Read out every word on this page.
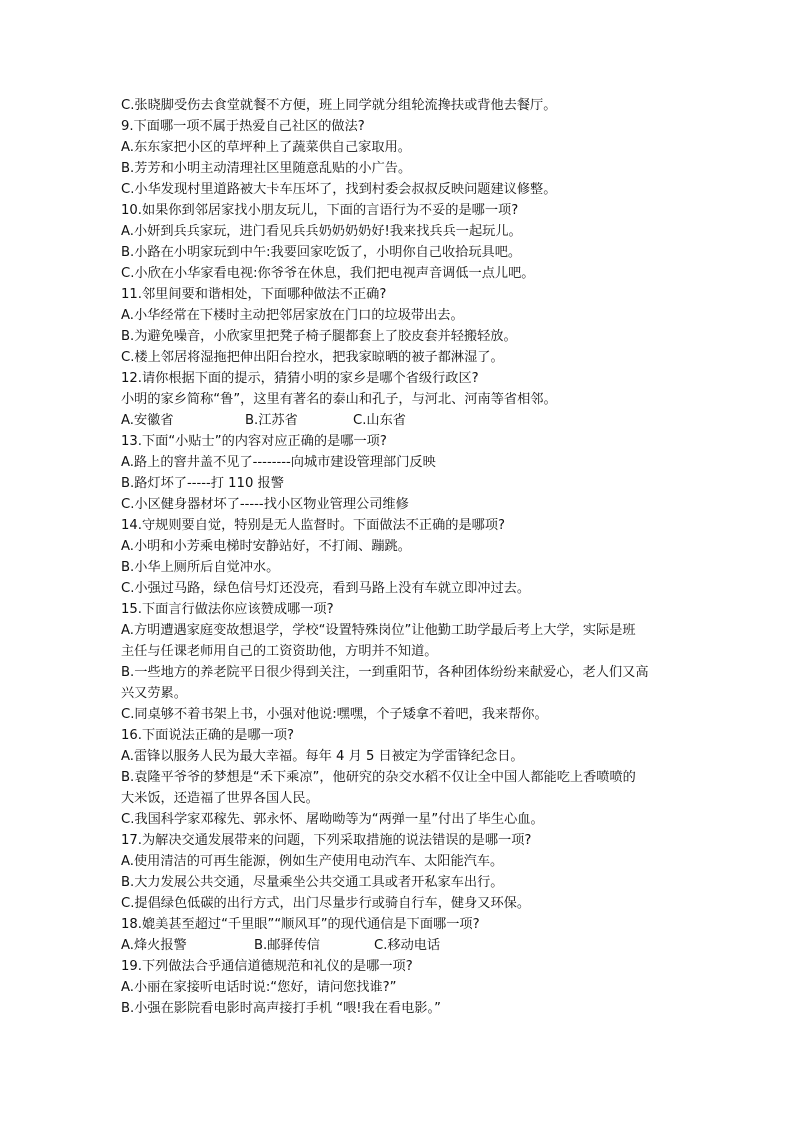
C.张晓脚受伤去食堂就餐不方便，班上同学就分组轮流搀扶或背他去餐厅。
9.下面哪一项不属于热爱自己社区的做法?
A.东东家把小区的草坪种上了蔬菜供自己家取用。
B.芳芳和小明主动清理社区里随意乱贴的小广告。
C.小华发现村里道路被大卡车压坏了，找到村委会叔叔反映问题建议修整。
10.如果你到邻居家找小朋友玩儿，下面的言语行为不妥的是哪一项?
A.小妍到兵兵家玩，进门看见兵兵奶奶奶奶好!我来找兵兵一起玩儿。
B.小路在小明家玩到中午:我要回家吃饭了，小明你自己收拾玩具吧。
C.小欣在小华家看电视:你爷爷在休息，我们把电视声音调低一点儿吧。
11.邻里间要和谐相处，下面哪种做法不正确?
A.小华经常在下楼时主动把邻居家放在门口的垃圾带出去。
B.为避免噪音，小欣家里把凳子椅子腿都套上了胶皮套并轻搬轻放。
C.楼上邻居将湿拖把伸出阳台控水，把我家晾晒的被子都淋湿了。
12.请你根据下面的提示，猜猜小明的家乡是哪个省级行政区?
小明的家乡简称“鲁”，这里有著名的泰山和孔子，与河北、河南等省相邻。
A.安徽省	B.江苏省	C.山东省
13.下面“小贴士”的内容对应正确的是哪一项?
A.路上的窨井盖不见了--------向城市建设管理部门反映
B.路灯坏了-----打 110 报警
C.小区健身器材坏了-----找小区物业管理公司维修
14.守规则要自觉，特别是无人监督时。下面做法不正确的是哪项?
A.小明和小芳乘电梯时安静站好，不打闹、蹦跳。
B.小华上厕所后自觉冲水。
C.小强过马路，绿色信号灯还没亮，看到马路上没有车就立即冲过去。
15.下面言行做法你应该赞成哪一项?
A.方明遭遇家庭变故想退学，学校“设置特殊岗位”让他勤工助学最后考上大学，实际是班
主任与任课老师用自己的工资资助他，方明并不知道。
B.一些地方的养老院平日很少得到关注，一到重阳节，各种团体纷纷来献爱心，老人们又高
兴又劳累。
C.同桌够不着书架上书，小强对他说:嘿嘿，个子矮拿不着吧，我来帮你。
16.下面说法正确的是哪一项?
A.雷锋以服务人民为最大幸福。每年 4 月 5 日被定为学雷锋纪念日。
B.袁隆平爷爷的梦想是“禾下乘凉”，他研究的杂交水稻不仅让全中国人都能吃上香喷喷的
大米饭，还造福了世界各国人民。
C.我国科学家邓稼先、郭永怀、屠呦呦等为“两弹一星”付出了毕生心血。
17.为解决交通发展带来的问题，下列采取措施的说法错误的是哪一项?
A.使用清洁的可再生能源，例如生产使用电动汽车、太阳能汽车。
B.大力发展公共交通，尽量乘坐公共交通工具或者开私家车出行。
C.提倡绿色低碳的出行方式，出门尽量步行或骑自行车，健身又环保。
18.媲美甚至超过“千里眼”“顺风耳”的现代通信是下面哪一项?
A.烽火报警	B.邮驿传信	C.移动电话
19.下列做法合乎通信道德规范和礼仪的是哪一项?
A.小丽在家接听电话时说:“您好，请问您找谁?”
B.小强在影院看电影时高声接打手机 “喂!我在看电影。”
